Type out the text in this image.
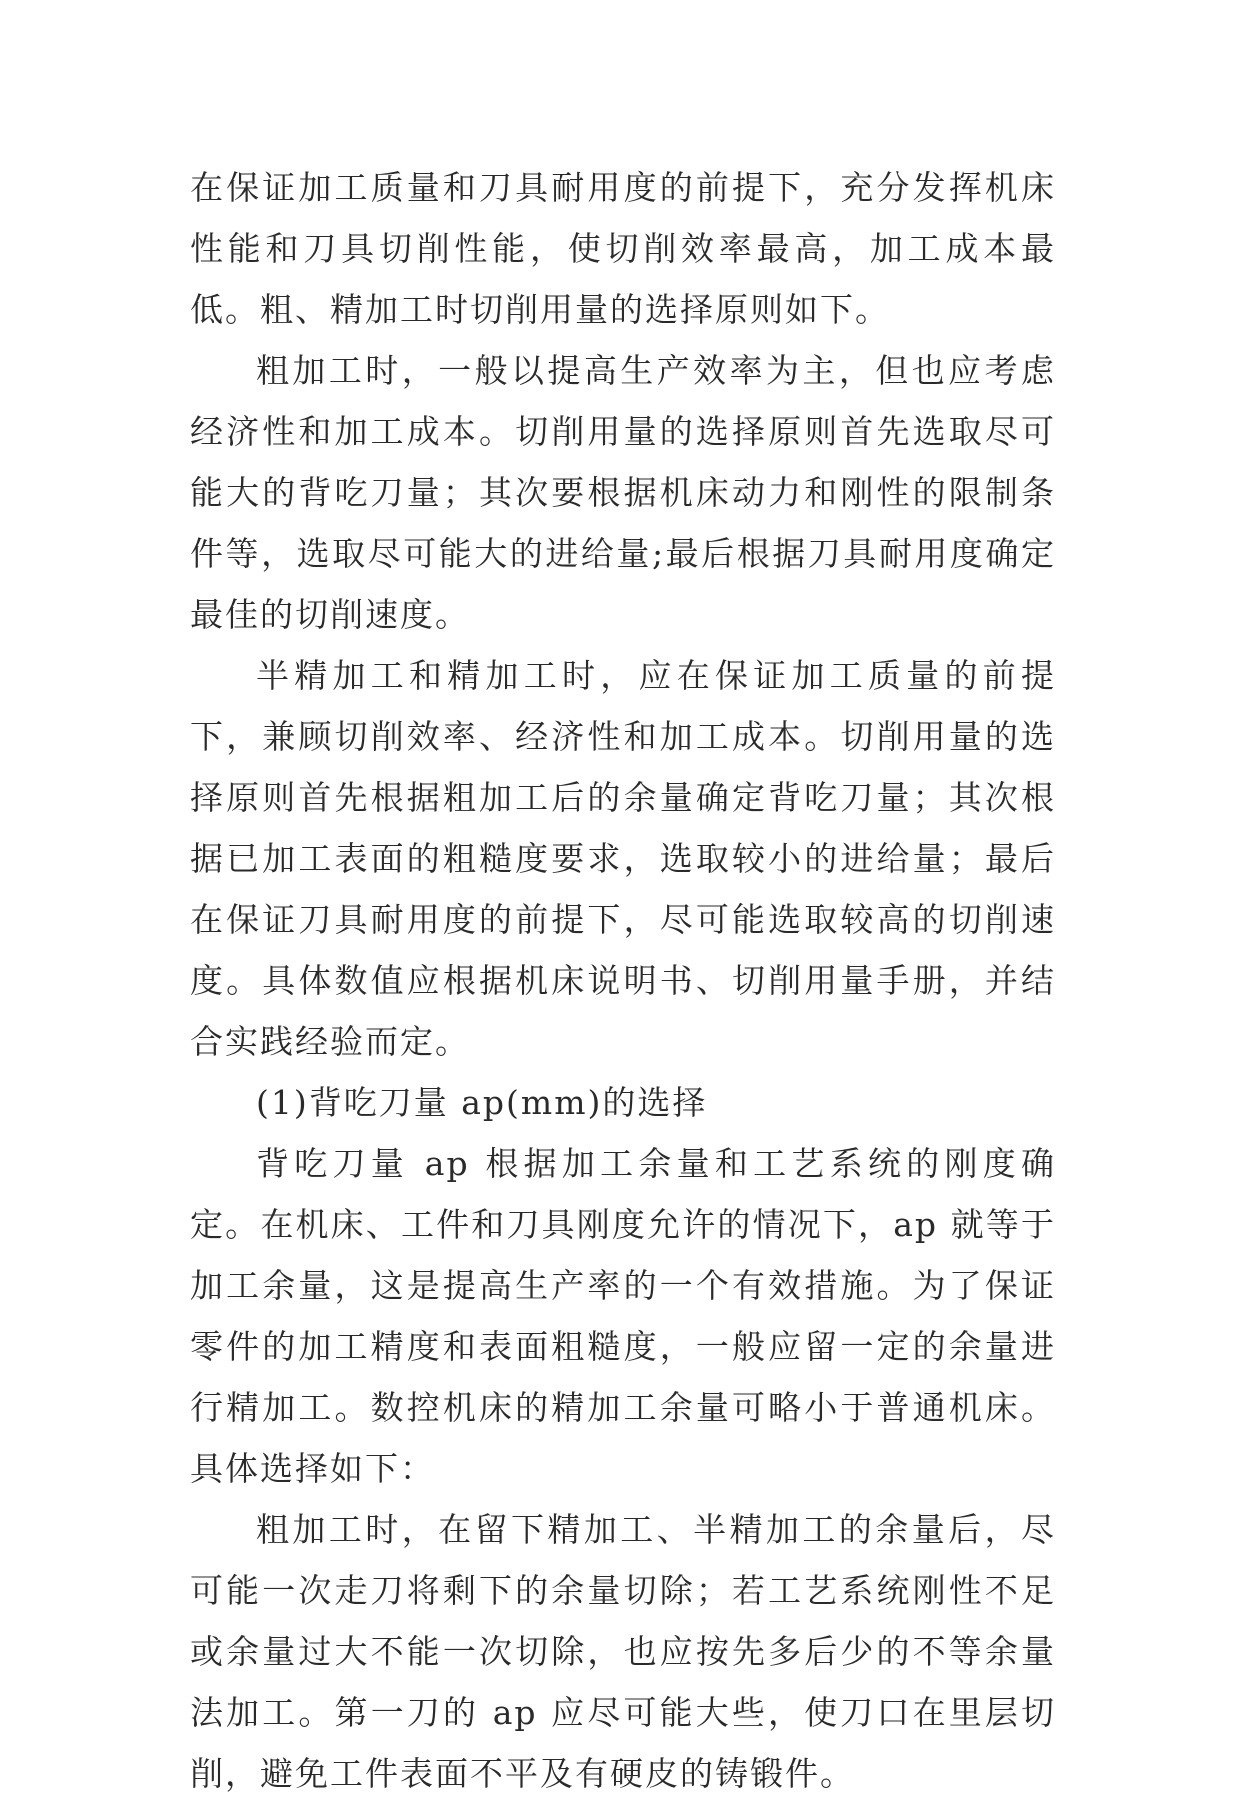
在保证加工质量和刀具耐用度的前提下，充分发挥机床性能和刀具切削性能，使切削效率最高，加工成本最低。粗、精加工时切削用量的选择原则如下。

粗加工时，一般以提高生产效率为主，但也应考虑经济性和加工成本。切削用量的选择原则首先选取尽可能大的背吃刀量；其次要根据机床动力和刚性的限制条件等，选取尽可能大的进给量;最后根据刀具耐用度确定最佳的切削速度。

半精加工和精加工时，应在保证加工质量的前提下，兼顾切削效率、经济性和加工成本。切削用量的选择原则首先根据粗加工后的余量确定背吃刀量；其次根据已加工表面的粗糙度要求，选取较小的进给量；最后在保证刀具耐用度的前提下，尽可能选取较高的切削速度。具体数值应根据机床说明书、切削用量手册，并结合实践经验而定。

(1)背吃刀量 ap(mm)的选择

背吃刀量 ap 根据加工余量和工艺系统的刚度确定。在机床、工件和刀具刚度允许的情况下，ap 就等于加工余量，这是提高生产率的一个有效措施。为了保证零件的加工精度和表面粗糙度，一般应留一定的余量进行精加工。数控机床的精加工余量可略小于普通机床。具体选择如下：

粗加工时，在留下精加工、半精加工的余量后，尽可能一次走刀将剩下的余量切除；若工艺系统刚性不足或余量过大不能一次切除，也应按先多后少的不等余量法加工。第一刀的 ap 应尽可能大些，使刀口在里层切削，避免工件表面不平及有硬皮的铸锻件。
